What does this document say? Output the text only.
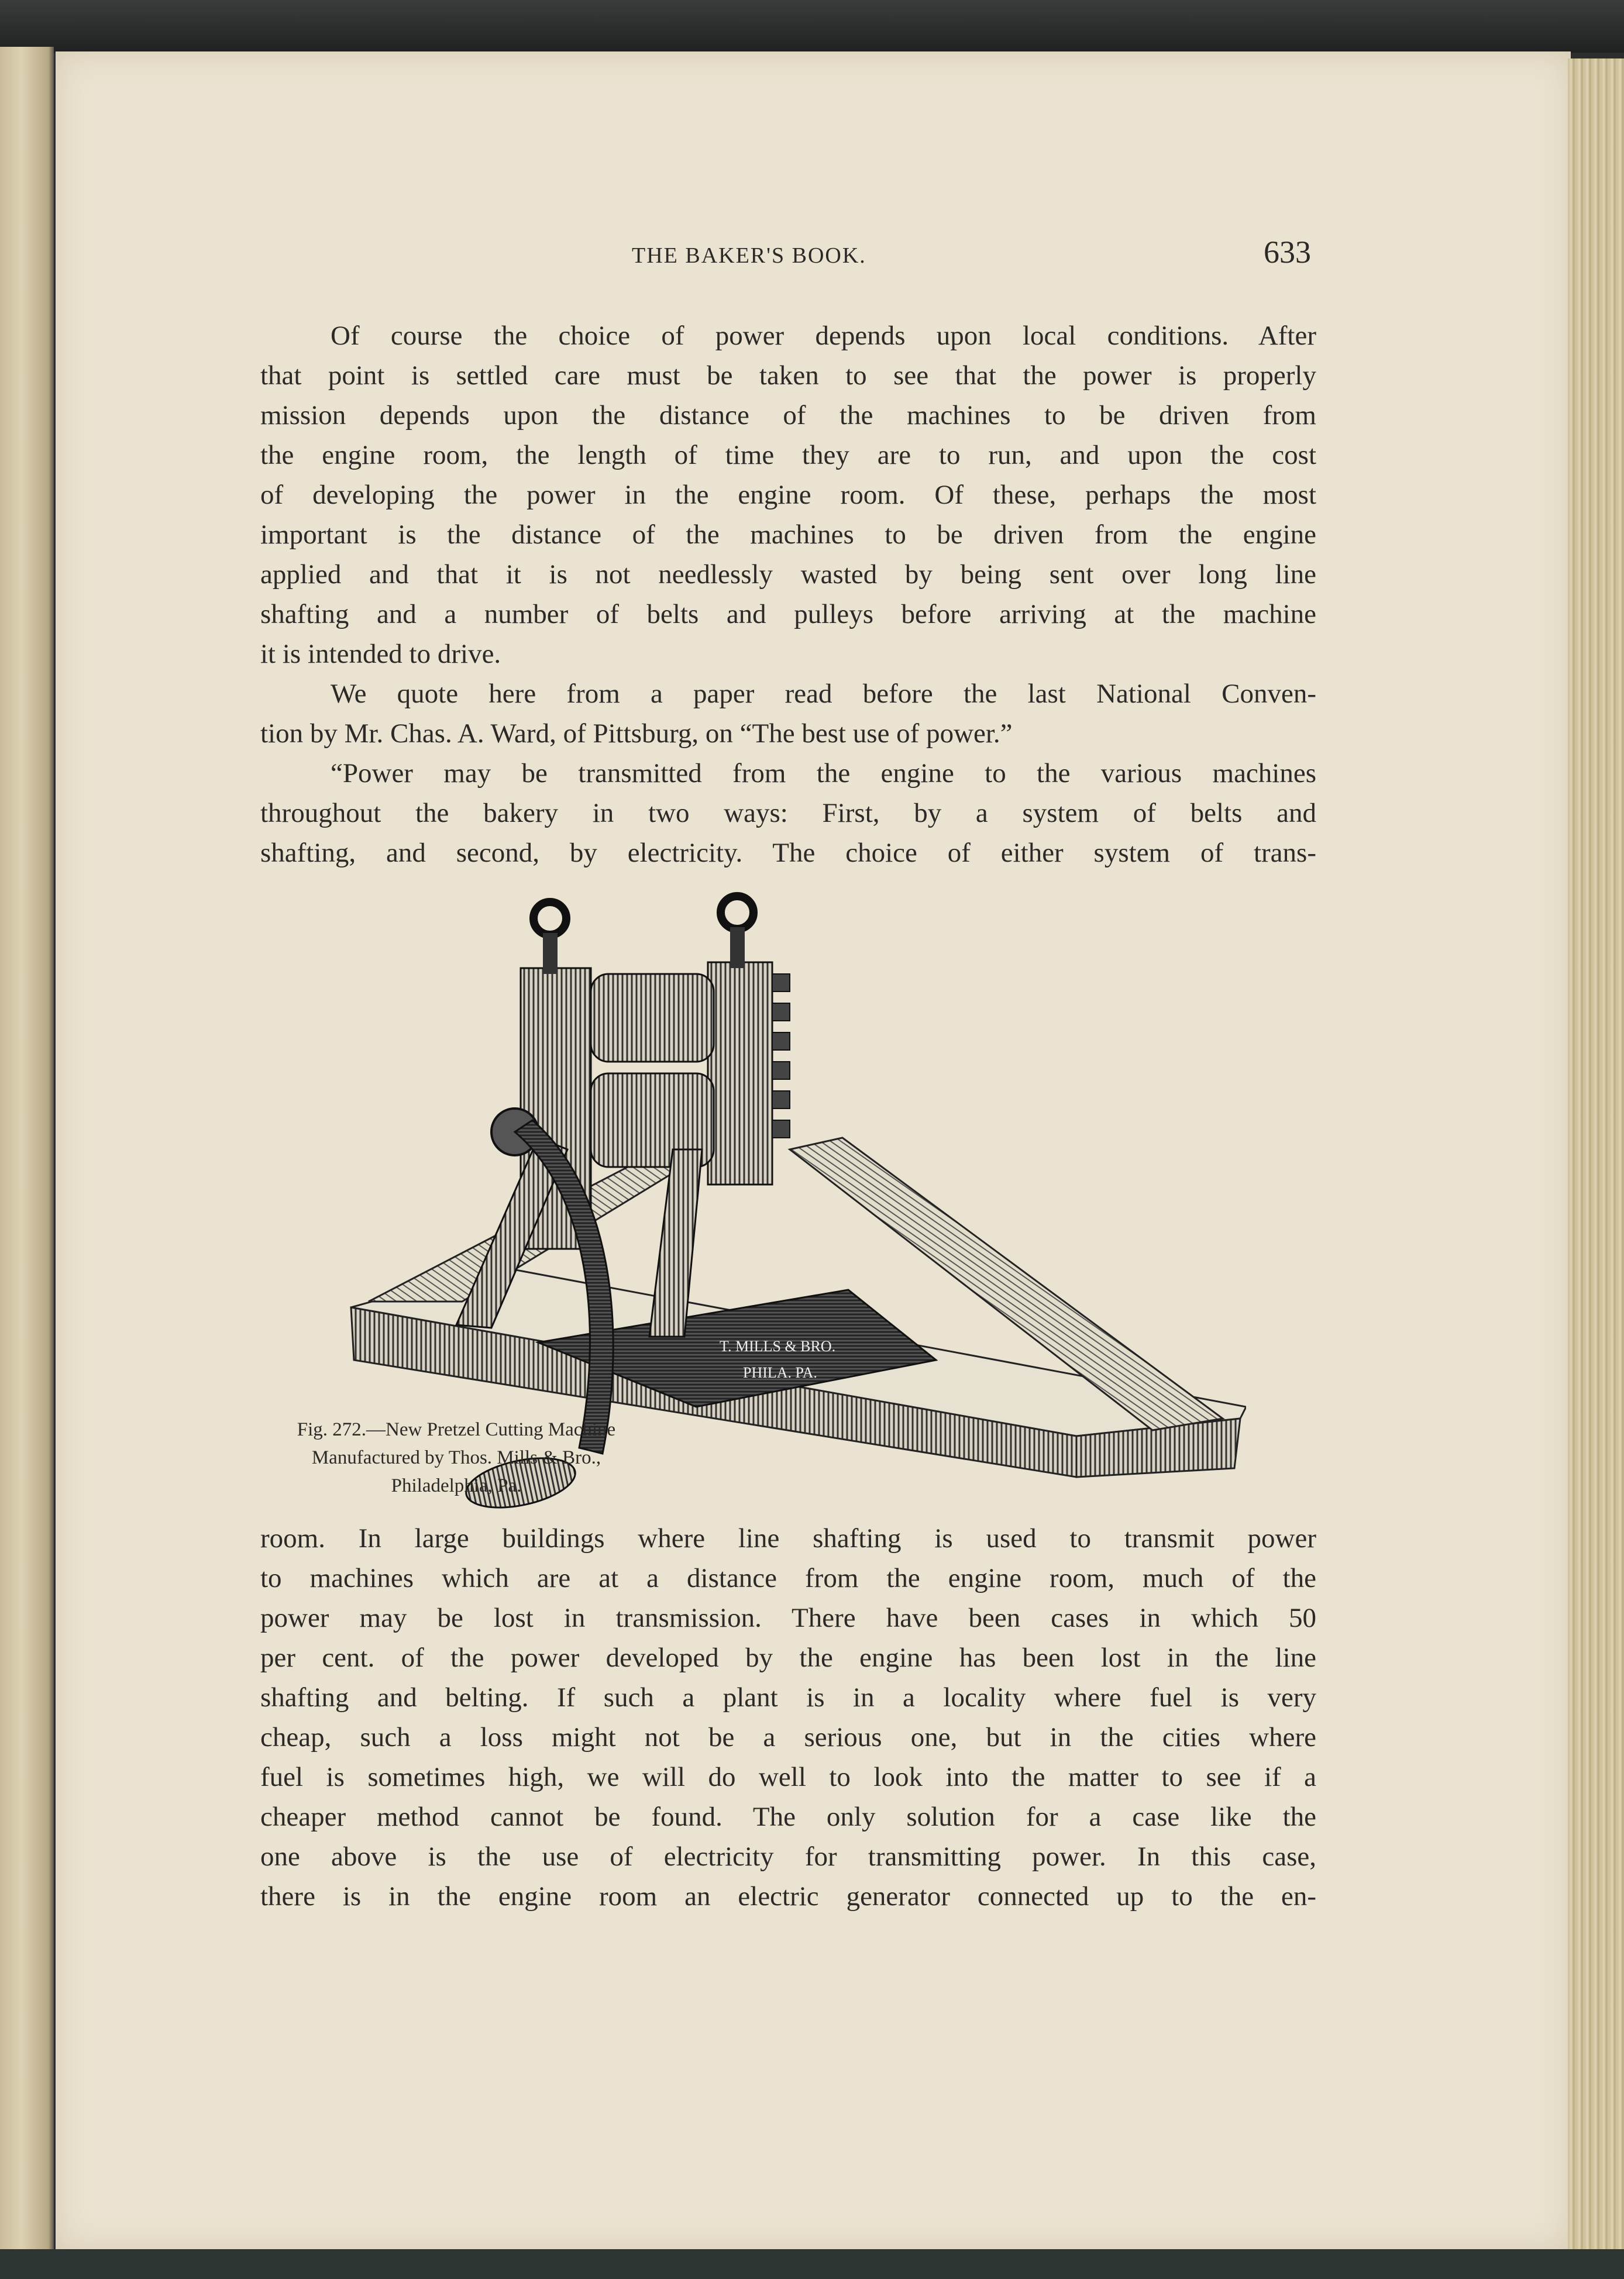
THE BAKER'S BOOK.	633
Of course the choice of power depends upon local conditions. After
that point is settled care must be taken to see that the power is properly
mission depends upon the distance of the machines to be driven from
the engine room, the length of time they are to run, and upon the cost
of developing the power in the engine room. Of these, perhaps the most
important is the distance of the machines to be driven from the engine
applied and that it is not needlessly wasted by being sent over long line
shafting and a number of belts and pulleys before arriving at the machine
it is intended to drive.
We quote here from a paper read before the last National Conven-
tion by Mr. Chas. A. Ward, of Pittsburg, on “The best use of power.”
“Power may be transmitted from the engine to the various machines
throughout the bakery in two ways: First, by a system of belts and
shafting, and second, by electricity. The choice of either system of trans-
T. MILLS & BRO.
PHILA. PA.
Fig. 272.—New Pretzel Cutting Machine
Manufactured by Thos. Mills & Bro.,
Philadelphia, Pa.
room. In large buildings where line shafting is used to transmit power
to machines which are at a distance from the engine room, much of the
power may be lost in transmission. There have been cases in which 50
per cent. of the power developed by the engine has been lost in the line
shafting and belting. If such a plant is in a locality where fuel is very
cheap, such a loss might not be a serious one, but in the cities where
fuel is sometimes high, we will do well to look into the matter to see if a
cheaper method cannot be found. The only solution for a case like the
one above is the use of electricity for transmitting power. In this case,
there is in the engine room an electric generator connected up to the en-
